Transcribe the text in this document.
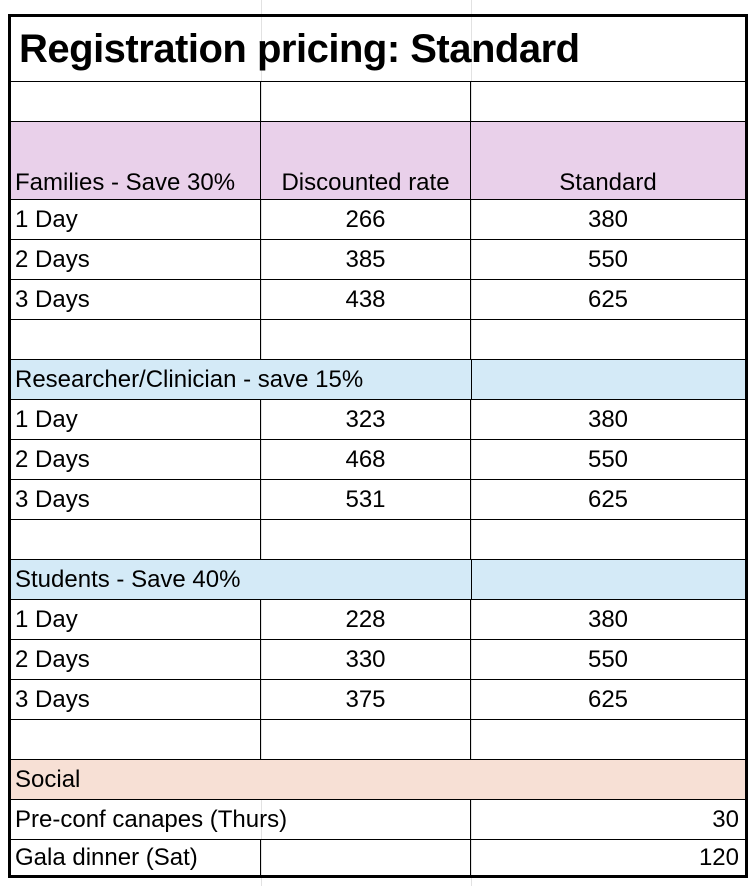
Registration pricing: Standard
Families - Save 30%	Discounted rate	Standard
1 Day	266	380
2 Days	385	550
3 Days	438	625
Researcher/Clinician - save 15%
1 Day	323	380
2 Days	468	550
3 Days	531	625
Students - Save 40%
1 Day	228	380
2 Days	330	550
3 Days	375	625
Social
Pre-conf canapes (Thurs)	30
Gala dinner (Sat)	120
